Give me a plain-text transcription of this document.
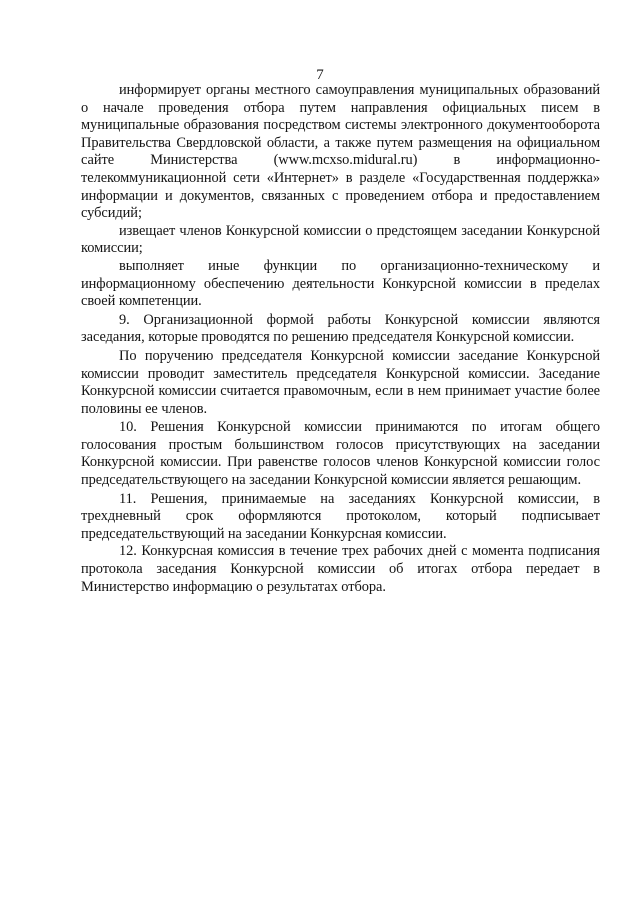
7

информирует органы местного самоуправления муниципальных образований о начале проведения отбора путем направления официальных писем в муниципальные образования посредством системы электронного документооборота Правительства Свердловской области, а также путем размещения на официальном сайте Министерства (www.mcxso.midural.ru) в информационно-телекоммуникационной сети «Интернет» в разделе «Государственная поддержка» информации и документов, связанных с проведением отбора и предоставлением субсидий;

извещает членов Конкурсной комиссии о предстоящем заседании Конкурсной комиссии;

выполняет иные функции по организационно-техническому и информационному обеспечению деятельности Конкурсной комиссии в пределах своей компетенции.

9. Организационной формой работы Конкурсной комиссии являются заседания, которые проводятся по решению председателя Конкурсной комиссии.

По поручению председателя Конкурсной комиссии заседание Конкурсной комиссии проводит заместитель председателя Конкурсной комиссии. Заседание Конкурсной комиссии считается правомочным, если в нем принимает участие более половины ее членов.

10. Решения Конкурсной комиссии принимаются по итогам общего голосования простым большинством голосов присутствующих на заседании Конкурсной комиссии. При равенстве голосов членов Конкурсной комиссии голос председательствующего на заседании Конкурсной комиссии является решающим.

11. Решения, принимаемые на заседаниях Конкурсной комиссии, в трехдневный срок оформляются протоколом, который подписывает председательствующий на заседании Конкурсная комиссии.

12. Конкурсная комиссия в течение трех рабочих дней с момента подписания протокола заседания Конкурсной комиссии об итогах отбора передает в Министерство информацию о результатах отбора.
